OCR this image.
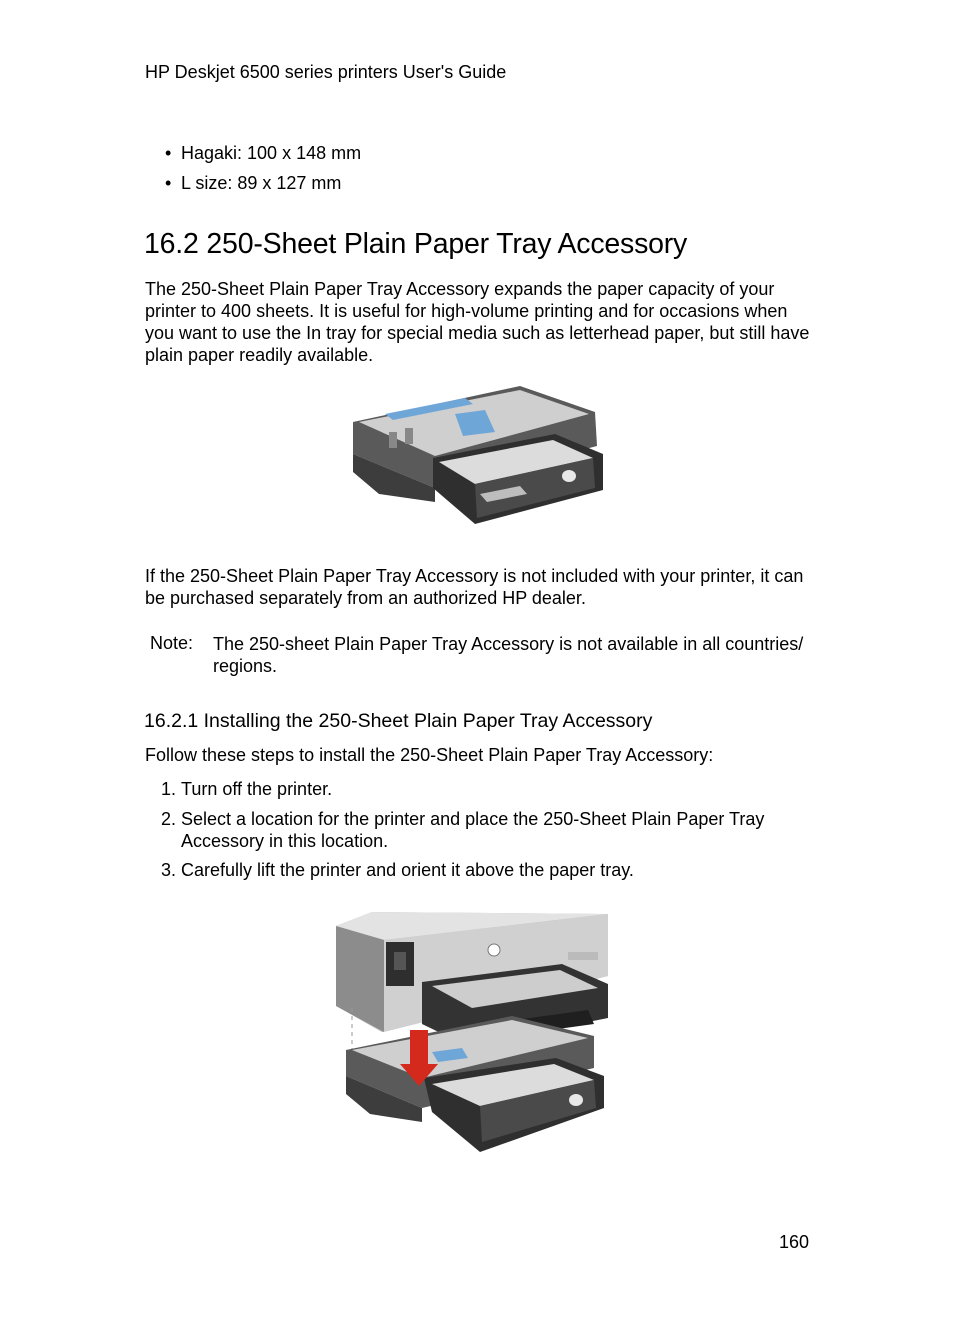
HP Deskjet 6500 series printers User's Guide
• Hagaki: 100 x 148 mm
• L size: 89 x 127 mm
16.2 250-Sheet Plain Paper Tray Accessory
The 250-Sheet Plain Paper Tray Accessory expands the paper capacity of your
printer to 400 sheets. It is useful for high-volume printing and for occasions when
you want to use the In tray for special media such as letterhead paper, but still have
plain paper readily available.
If the 250-Sheet Plain Paper Tray Accessory is not included with your printer, it can
be purchased separately from an authorized HP dealer.
Note: The 250-sheet Plain Paper Tray Accessory is not available in all countries/
regions.
16.2.1 Installing the 250-Sheet Plain Paper Tray Accessory
Follow these steps to install the 250-Sheet Plain Paper Tray Accessory:
1. Turn off the printer.
2. Select a location for the printer and place the 250-Sheet Plain Paper Tray
Accessory in this location.
3. Carefully lift the printer and orient it above the paper tray.
160
